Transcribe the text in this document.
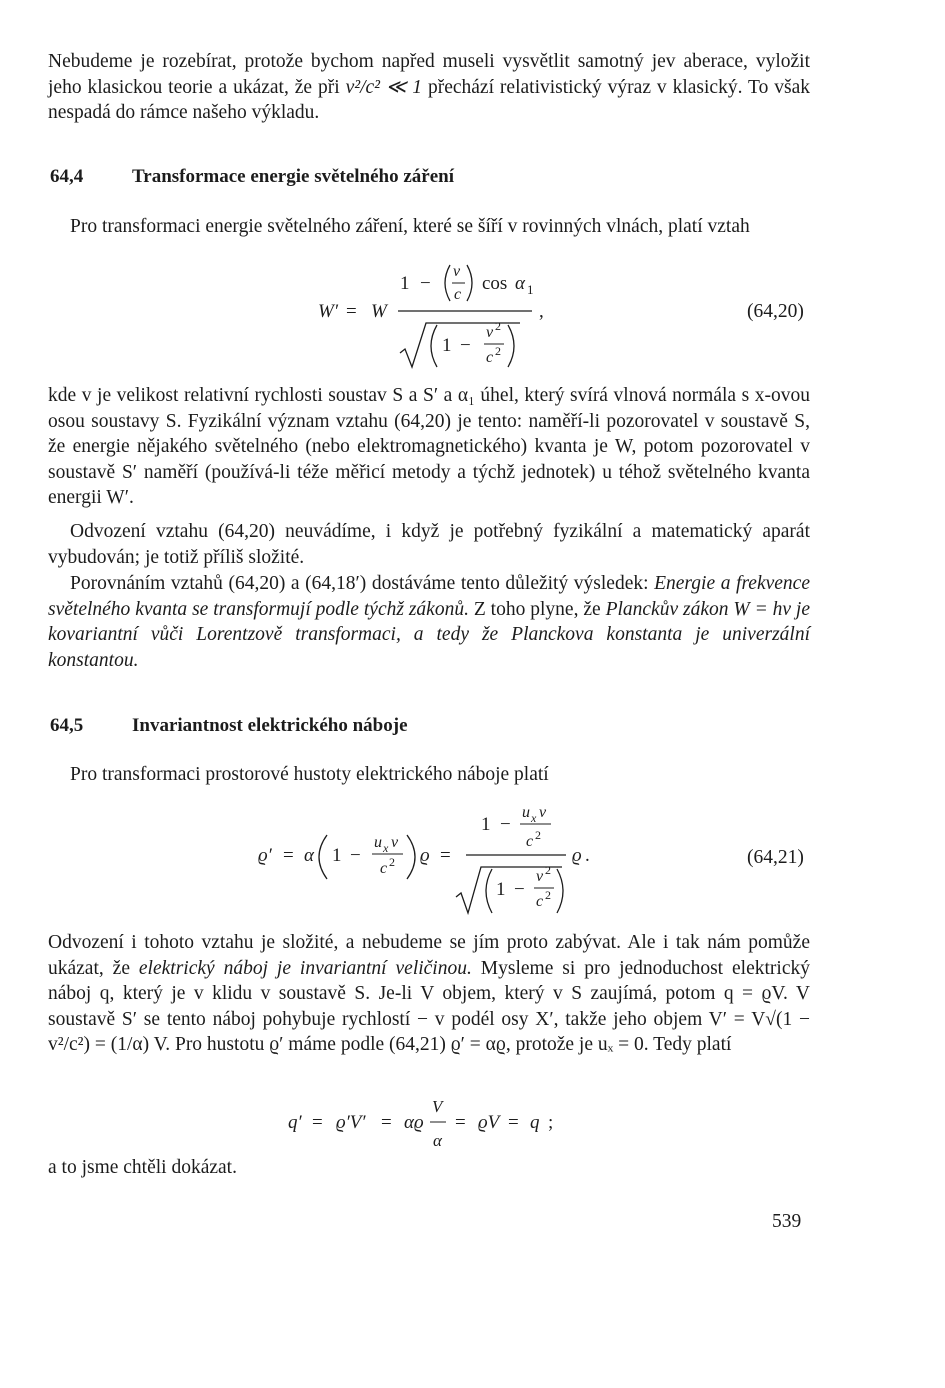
Nebudeme je rozebírat, protože bychom napřed museli vysvětlit samotný jev aberace, vyložit jeho klasickou teorie a ukázat, že při v²/c² ≪ 1 přechází relativistický výraz v klasický. To však nespadá do rámce našeho výkladu.

64,4	Transformace energie světelného záření

Pro transformaci energie světelného záření, které se šíří v rovinných vlnách, platí vztah

W′ = W
1 −
v
c
cos α 1
1 −
v 2
c 2
,	(64,20)

kde v je velikost relativní rychlosti soustav S a S′ a α₁ úhel, který svírá vlnová normála s x-ovou osou soustavy S. Fyzikální význam vztahu (64,20) je tento: naměří-li pozorovatel v soustavě S, že energie nějakého světelného (nebo elektromagnetického) kvanta je W, potom pozorovatel v soustavě S′ naměří (používá-li téže měřicí metody a týchž jednotek) u téhož světelného kvanta energii W′.

Odvození vztahu (64,20) neuvádíme, i když je potřebný fyzikální a matematický aparát vybudován; je totiž příliš složité.

Porovnáním vztahů (64,20) a (64,18′) dostáváme tento důležitý výsledek: Energie a frekvence světelného kvanta se transformují podle týchž zákonů. Z toho plyne, že Planckův zákon W = hν je kovariantní vůči Lorentzově transformaci, a tedy že Planckova konstanta je univerzální konstantou.

64,5	Invariantnost elektrického náboje

Pro transformaci prostorové hustoty elektrického náboje platí

ϱ′ = α 1 −
u x v
c 2 ϱ =
1 −
u x v
c 2
1 −
v 2
c 2
ϱ .	(64,21)

Odvození i tohoto vztahu je složité, a nebudeme se jím proto zabývat. Ale i tak nám pomůže ukázat, že elektrický náboj je invariantní veličinou. Mysleme si pro jednoduchost elektrický náboj q, který je v klidu v soustavě S. Je-li V objem, který v S zaujímá, potom q = ϱV. V soustavě S′ se tento náboj pohybuje rychlostí − v podél osy X′, takže jeho objem V′ = V√(1 − v²/c²) = (1/α) V. Pro hustotu ϱ′ máme podle (64,21) ϱ′ = αϱ, protože je uₓ = 0. Tedy platí

q′ = ϱ′V′ = αϱ
V
α
= ϱV = q ;

a to jsme chtěli dokázat.

539
